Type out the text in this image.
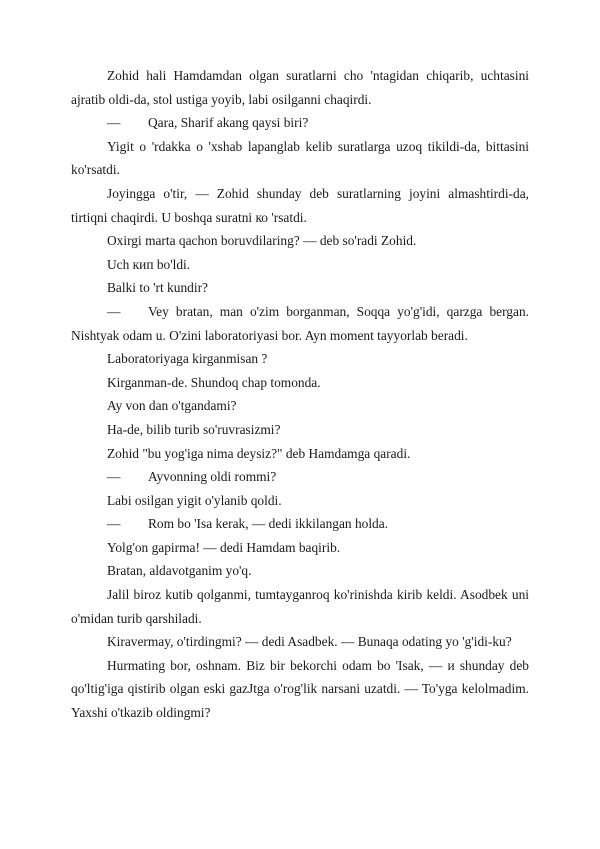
Zohid hali Hamdamdan olgan suratlarni cho 'ntagidan chiqarib, uchtasini ajratib oldi-da, stol ustiga yoyib, labi osilganni chaqirdi.

— Qara, Sharif akang qaysi biri?

Yigit o 'rdakka o 'xshab lapanglab kelib suratlarga uzoq tikildi-da, bittasini ko'rsatdi.

Joyingga o'tir, — Zohid shunday deb suratlarning joyini almashtirdi-da, tirtiqni chaqirdi. U boshqa suratni ко 'rsatdi.

Oxirgi marta qachon boruvdilaring? — deb so'radi Zohid.

Uch кип bo'ldi.

Balki to 'rt kundir?

— Vey bratan, man o'zim borganman, Soqqa yo'g'idi, qarzga bergan. Nishtyak odam u. O'zini laboratoriyasi bor. Ayn moment tayyorlab beradi.

Laboratoriyaga kirganmisan ?

Kirganman-de. Shundoq chap tomonda.

Ay von dan o'tgandami?

Ha-de, bilib turib so'ruvrasizmi?

Zohid "bu yog'iga nima deysiz?" deb Hamdamga qaradi.

— Ayvonning oldi rommi?

Labi osilgan yigit o'ylanib qoldi.

— Rom bo 'Isa kerak, — dedi ikkilangan holda.

Yolg'on gapirma! — dedi Hamdam baqirib.

Bratan, aldavotganim yo'q.

Jalil biroz kutib qolganmi, tumtayganroq ko'rinishda kirib keldi. Asodbek uni o'midan turib qarshiladi.

Kiravermay, o'tirdingmi? — dedi Asadbek. — Bunaqa odating yo 'g'idi-ku?

Hurmating bor, oshnam. Biz bir bekorchi odam bo 'Isak, — и shunday deb qo'ltig'iga qistirib olgan eski gazJtga o'rog'lik narsani uzatdi. — To'yga kelolmadim. Yaxshi o'tkazib oldingmi?
